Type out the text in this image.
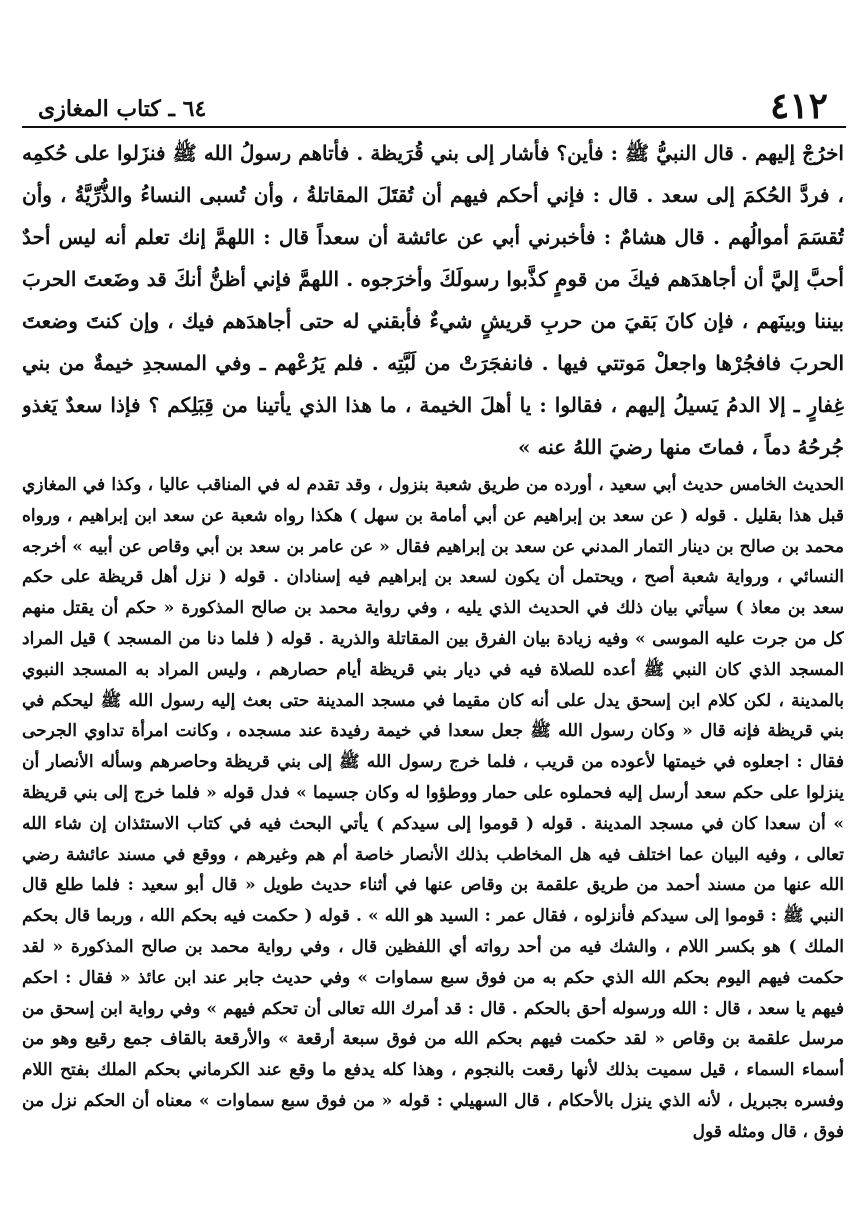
٤١٢
٦٤ ـ كتاب المغازى

اخرُجْ إليهم . قال النبيُّ ﷺ : فأين؟ فأشار إلى بني قُرَيظة . فأتاهم رسولُ الله ﷺ فنزَلوا على حُكمِه ، فردَّ الحُكمَ إلى سعد . قال : فإني أحكم فيهم أن تُقتَلَ المقاتلةُ ، وأن تُسبى النساءُ والذُّرِّيَّةُ ، وأن تُقسَمَ أموالُهم . قال هشامٌ : فأخبرني أبي عن عائشة أن سعداً قال : اللهمَّ إنك تعلم أنه ليس أحدٌ أحبَّ إليَّ أن أجاهدَهم فيكَ من قومٍ كذَّبوا رسولَكَ وأخرَجوه . اللهمَّ فإني أظنُّ أنكَ قد وضَعتَ الحربَ بيننا وبينَهم ، فإن كانَ بَقيَ من حربِ قريشٍ شيءٌ فأبقني له حتى أجاهدَهم فيك ، وإن كنتَ وضعتَ الحربَ فافجُرْها واجعلْ مَوتتي فيها . فانفجَرَتْ من لَبَّتِه . فلم يَرُعْهم ـ وفي المسجدِ خيمةٌ من بني غِفارٍ ـ إلا الدمُ يَسيلُ إليهم ، فقالوا : يا أهلَ الخيمة ، ما هذا الذي يأتينا من قِبَلِكم ؟ فإذا سعدٌ يَغذو جُرحُهُ دماً ، فماتَ منها رضيَ اللهُ عنه »

الحديث الخامس حديث أبي سعيد ، أورده من طريق شعبة بنزول ، وقد تقدم له في المناقب عاليا ، وكذا في المغازي قبل هذا بقليل . قوله ( عن سعد بن إبراهيم عن أبي أمامة بن سهل ) هكذا رواه شعبة عن سعد ابن إبراهيم ، ورواه محمد بن صالح بن دينار التمار المدني عن سعد بن إبراهيم فقال « عن عامر بن سعد بن أبي وقاص عن أبيه » أخرجه النسائي ، ورواية شعبة أصح ، ويحتمل أن يكون لسعد بن إبراهيم فيه إسنادان . قوله ( نزل أهل قريظة على حكم سعد بن معاذ ) سيأتي بيان ذلك في الحديث الذي يليه ، وفي رواية محمد بن صالح المذكورة « حكم أن يقتل منهم كل من جرت عليه الموسى » وفيه زيادة بيان الفرق بين المقاتلة والذرية . قوله ( فلما دنا من المسجد ) قيل المراد المسجد الذي كان النبي ﷺ أعده للصلاة فيه في ديار بني قريظة أيام حصارهم ، وليس المراد به المسجد النبوي بالمدينة ، لكن كلام ابن إسحق يدل على أنه كان مقيما في مسجد المدينة حتى بعث إليه رسول الله ﷺ ليحكم في بني قريظة فإنه قال « وكان رسول الله ﷺ جعل سعدا في خيمة رفيدة عند مسجده ، وكانت امرأة تداوي الجرحى فقال : اجعلوه في خيمتها لأعوده من قريب ، فلما خرج رسول الله ﷺ إلى بني قريظة وحاصرهم وسأله الأنصار أن ينزلوا على حكم سعد أرسل إليه فحملوه على حمار ووطؤوا له وكان جسيما » فدل قوله « فلما خرج إلى بني قريظة » أن سعدا كان في مسجد المدينة . قوله ( قوموا إلى سيدكم ) يأتي البحث فيه في كتاب الاستئذان إن شاء الله تعالى ، وفيه البيان عما اختلف فيه هل المخاطب بذلك الأنصار خاصة أم هم وغيرهم ، ووقع في مسند عائشة رضي الله عنها من مسند أحمد من طريق علقمة بن وقاص عنها في أثناء حديث طويل « قال أبو سعيد : فلما طلع قال النبي ﷺ : قوموا إلى سيدكم فأنزلوه ، فقال عمر : السيد هو الله » . قوله ( حكمت فيه بحكم الله ، وربما قال بحكم الملك ) هو بكسر اللام ، والشك فيه من أحد رواته أي اللفظين قال ، وفي رواية محمد بن صالح المذكورة « لقد حكمت فيهم اليوم بحكم الله الذي حكم به من فوق سبع سماوات » وفي حديث جابر عند ابن عائذ « فقال : احكم فيهم يا سعد ، قال : الله ورسوله أحق بالحكم . قال : قد أمرك الله تعالى أن تحكم فيهم » وفي رواية ابن إسحق من مرسل علقمة بن وقاص « لقد حكمت فيهم بحكم الله من فوق سبعة أرقعة » والأرقعة بالقاف جمع رقيع وهو من أسماء السماء ، قيل سميت بذلك لأنها رقعت بالنجوم ، وهذا كله يدفع ما وقع عند الكرماني بحكم الملك بفتح اللام وفسره بجبريل ، لأنه الذي ينزل بالأحكام ، قال السهيلي : قوله « من فوق سبع سماوات » معناه أن الحكم نزل من فوق ، قال ومثله قول
